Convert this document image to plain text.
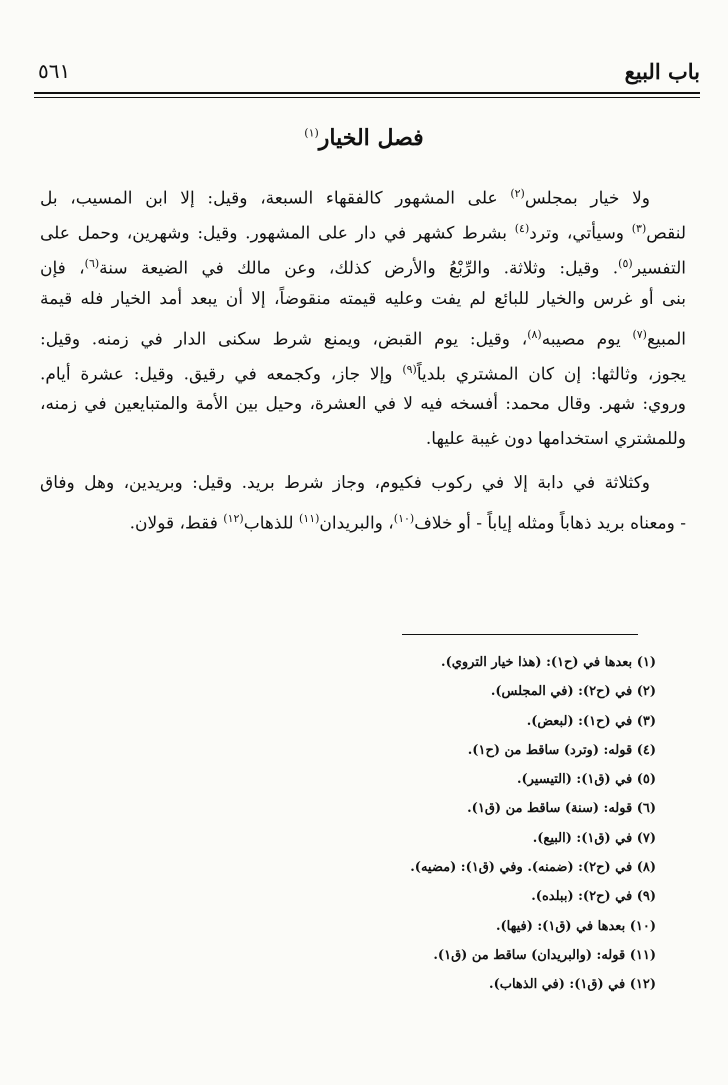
باب البيع
٥٦١
فصل الخيار$^{(١)}$
ولا خيار بمجلس$^{(٢)}$ على المشهور كالفقهاء السبعة، وقيل: إلا ابن المسيب، بل
لنقص$^{(٣)}$ وسيأتي، وترد$^{(٤)}$ بشرط كشهر في دار على المشهور. وقيل: وشهرين، وحمل على
التفسير$^{(٥)}$. وقيل: وثلاثة. والرِّبْعُ والأرض كذلك، وعن مالك في الضيعة سنة$^{(٦)}$، فإن
بنى أو غرس والخيار للبائع لم يفت وعليه قيمته منقوضاً، إلا أن يبعد أمد الخيار فله قيمة
المبيع$^{(٧)}$ يوم مصيبه$^{(٨)}$، وقيل: يوم القبض، ويمنع شرط سكنى الدار في زمنه. وقيل:
يجوز، وثالثها: إن كان المشتري بلدياً$^{(٩)}$ وإلا جاز، وكجمعه في رقيق. وقيل: عشرة أيام.
وروي: شهر. وقال محمد: أفسخه فيه لا في العشرة، وحيل بين الأمة والمتبايعين في زمنه،
وللمشتري استخدامها دون غيبة عليها.
وكثلاثة في دابة إلا في ركوب فكيوم، وجاز شرط بريد. وقيل: وبريدين، وهل وفاق
- ومعناه بريد ذهاباً ومثله إياباً - أو خلاف$^{(١٠)}$، والبريدان$^{(١١)}$ للذهاب$^{(١٢)}$ فقط، قولان.
(١) بعدها في (ح١): (هذا خيار التروي).
(٢) في (ح٢): (في المجلس).
(٣) في (ح١): (لبعض).
(٤) قوله: (وترد) ساقط من (ح١).
(٥) في (ق١): (التيسير).
(٦) قوله: (سنة) ساقط من (ق١).
(٧) في (ق١): (البيع).
(٨) في (ح٢): (ضمنه). وفي (ق١): (مضيه).
(٩) في (ح٢): (ببلده).
(١٠) بعدها في (ق١): (فيها).
(١١) قوله: (والبريدان) ساقط من (ق١).
(١٢) في (ق١): (في الذهاب).
